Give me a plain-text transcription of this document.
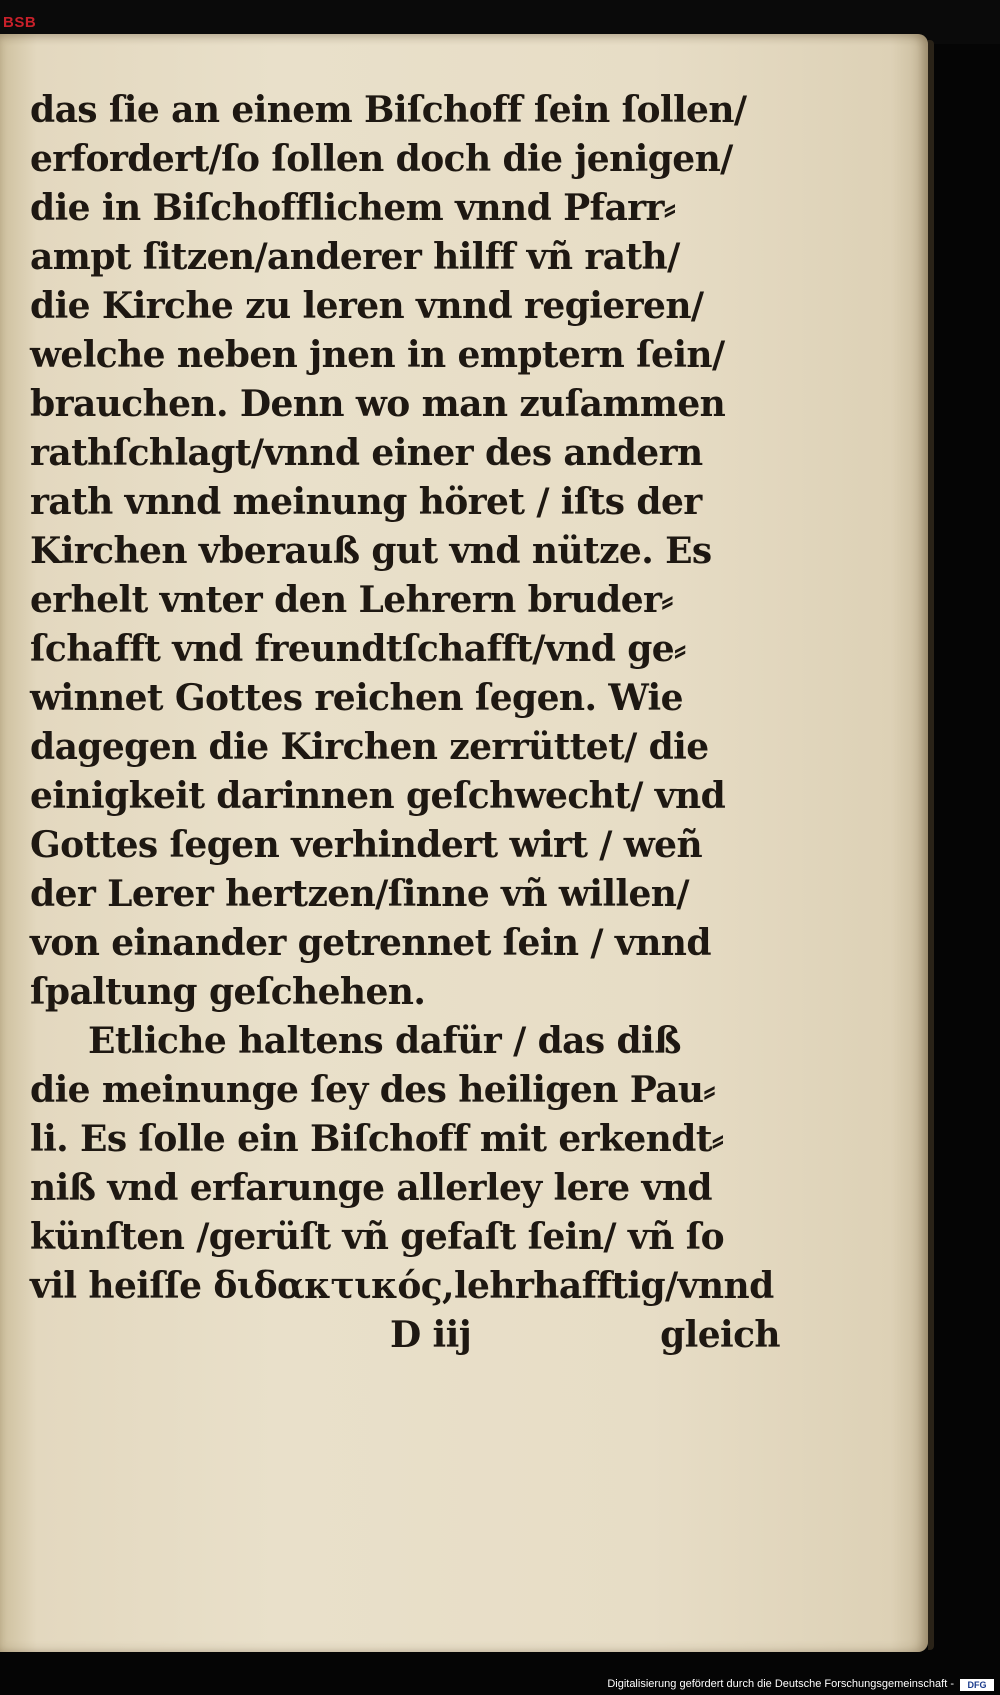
BSB
das ſie an einem Biſchoff ſein ſollen/
erfordert/ſo ſollen doch die jenigen/
die in Biſchofflichem vnnd Pfarr⸗
ampt ſitzen/anderer hilff vñ rath/
die Kirche zu leren vnnd regieren/
welche neben jnen in emptern ſein/
brauchen. Denn wo man zuſammen
rathſchlagt/vnnd einer des andern
rath vnnd meinung höret / iſts der
Kirchen vberauß gut vnd nütze. Es
erhelt vnter den Lehrern bruder⸗
ſchafft vnd freundtſchafft/vnd ge⸗
winnet Gottes reichen ſegen. Wie
dagegen die Kirchen zerrüttet/ die
einigkeit darinnen geſchwecht/ vnd
Gottes ſegen verhindert wirt / weñ
der Lerer hertzen/ſinne vñ willen/
von einander getrennet ſein / vnnd
ſpaltung geſchehen.
Etliche haltens dafür / das diß
die meinunge ſey des heiligen Pau⸗
li. Es ſolle ein Biſchoff mit erkendt⸗
niß vnd erfarunge allerley lere vnd
künſten /gerüſt vñ gefaſt ſein/ vñ ſo
vil heiſſe διδακτικός,lehrhafftig/vnnd
D iij	gleich
Digitalisierung gefördert durch die Deutsche Forschungsgemeinschaft -	DFG
